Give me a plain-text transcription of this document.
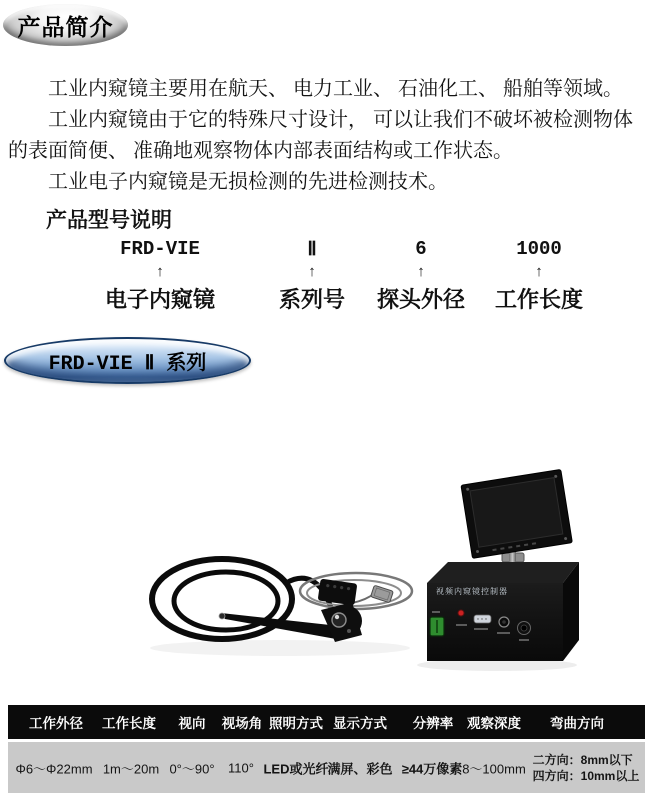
产品简介

工业内窥镜主要用在航天、 电力工业、 石油化工、 船舶等领域。

工业内窥镜由于它的特殊尺寸设计， 可以让我们不破坏被检测物体的表面简便、 准确地观察物体内部表面结构或工作状态。

工业电子内窥镜是无损检测的先进检测技术。

产品型号说明
FRD-VIE
↑
电子内窥镜
Ⅱ
↑
系列号
6
↑
探头外径
1000
↑
工作长度
FRD-VIE Ⅱ 系列
视频内窥镜控制器
工作外径 工作长度 视向 视场角 照明方式 显示方式 分辨率 观察深度 弯曲方向
Φ6～Φ22mm 1m～20m 0°～90° 110° LED或光纤
满屏、彩色 ≥44万像素 8～100mm
二方向：8mm以下
四方向：10mm以上
